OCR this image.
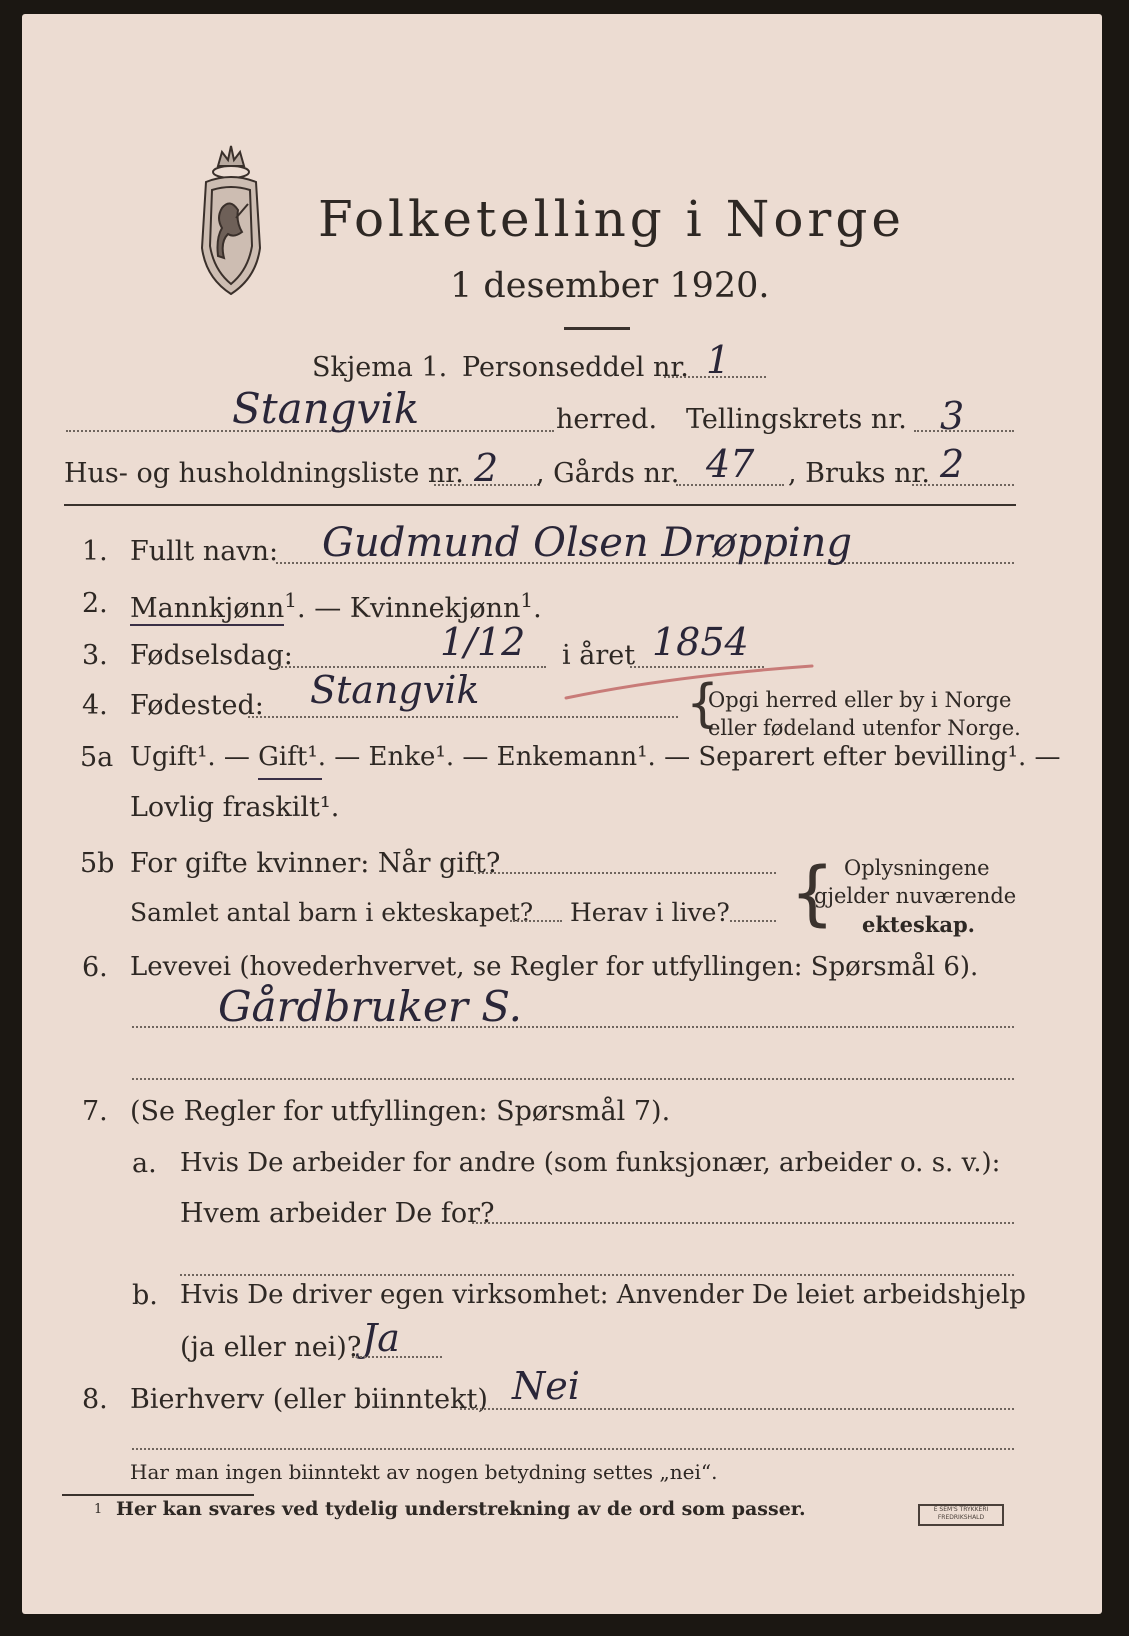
Folketelling i Norge
1 desember 1920.
Skjema 1. Personseddel nr. 1
Stangvik	herred. Tellingskrets nr. 3
Hus- og husholdningsliste nr. 2 , Gårds nr. 47 , Bruks nr. 2
1. Fullt navn: Gudmund Olsen Drøpping
2. Mannkjønn$^1$. — Kvinnekjønn$^1$.
3. Fødselsdag:	1/12 i året 1854
4. Fødested: Stangvik	{
Opgi herred eller by i Norge
eller fødeland utenfor Norge.
5a Ugift¹. — Gift¹. — Enke¹. — Enkemann¹. — Separert efter bevilling¹. —
Lovlig fraskilt¹.
5b For gifte kvinner: Når gift?
Samlet antal barn i ekteskapet? Herav i live? { Oplysningene
gjelder nuværende
ekteskap.
6. Levevei (hovederhvervet, se Regler for utfyllingen: Spørsmål 6).
Gårdbruker S.
7. (Se Regler for utfyllingen: Spørsmål 7).
a. Hvis De arbeider for andre (som funksjonær, arbeider o. s. v.):
Hvem arbeider De for?
b. Hvis De driver egen virksomhet: Anvender De leiet arbeidshjelp
(ja eller nei)? Ja
8. Bierhverv (eller biinntekt) Nei
Har man ingen biinntekt av nogen betydning settes „nei“.
1 Her kan svares ved tydelig understrekning av de ord som passer.	E SEM'S TRYKKERI FREDRIKSHALD
